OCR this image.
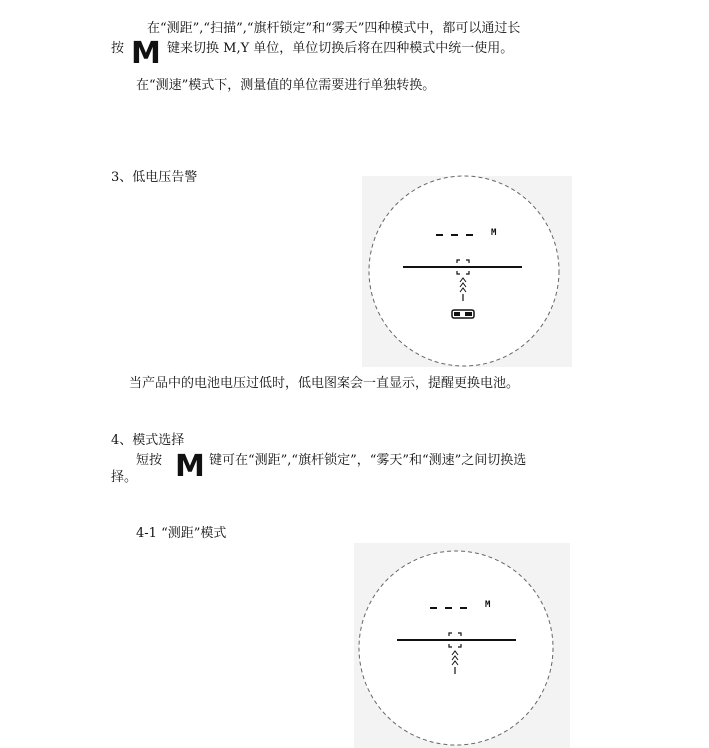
在“测距”,“扫描”,“旗杆锁定”和“雾天”四种模式中，都可以通过长
按 M 键来切换 M,Y 单位，单位切换后将在四种模式中统一使用。
在“测速”模式下，测量值的单位需要进行单独转换。
3、低电压告警
M
当产品中的电池电压过低时，低电图案会一直显示，提醒更换电池。
4、模式选择
短按 M 键可在“测距”,“旗杆锁定”，“雾天”和“测速”之间切换选
择。
4-1 “测距”模式
M
